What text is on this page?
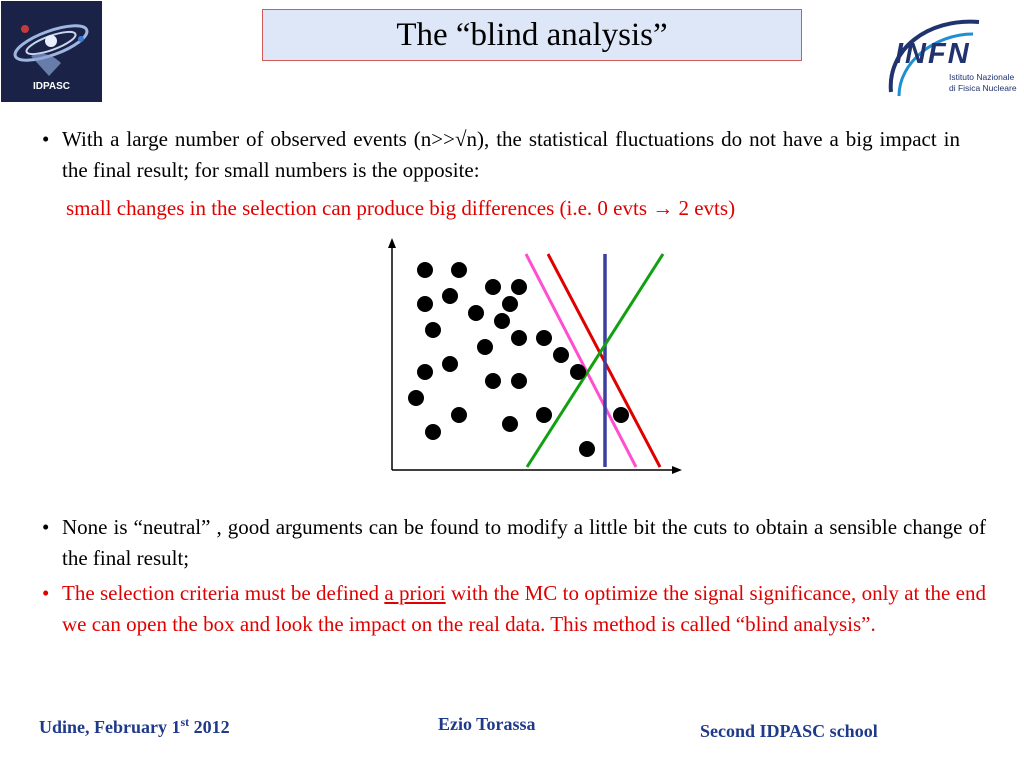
IDPASC
The “blind analysis”
INFN
Istituto Nazionale
di Fisica Nucleare
• With a large number of observed events (n>>√n), the statistical fluctuations do not have a big impact in the final result; for small numbers is the opposite:
small changes in the selection can produce big differences (i.e. 0 evts → 2 evts)
• None is “neutral” , good arguments can be found to modify a little bit the cuts to obtain a sensible change of the final result;
• The selection criteria must be defined a priori with the MC to optimize the signal significance, only at the end we can open the box and look the impact on the real data. This method is called “blind analysis”.
Udine, February 1st 2012	Ezio Torassa	Second IDPASC school
